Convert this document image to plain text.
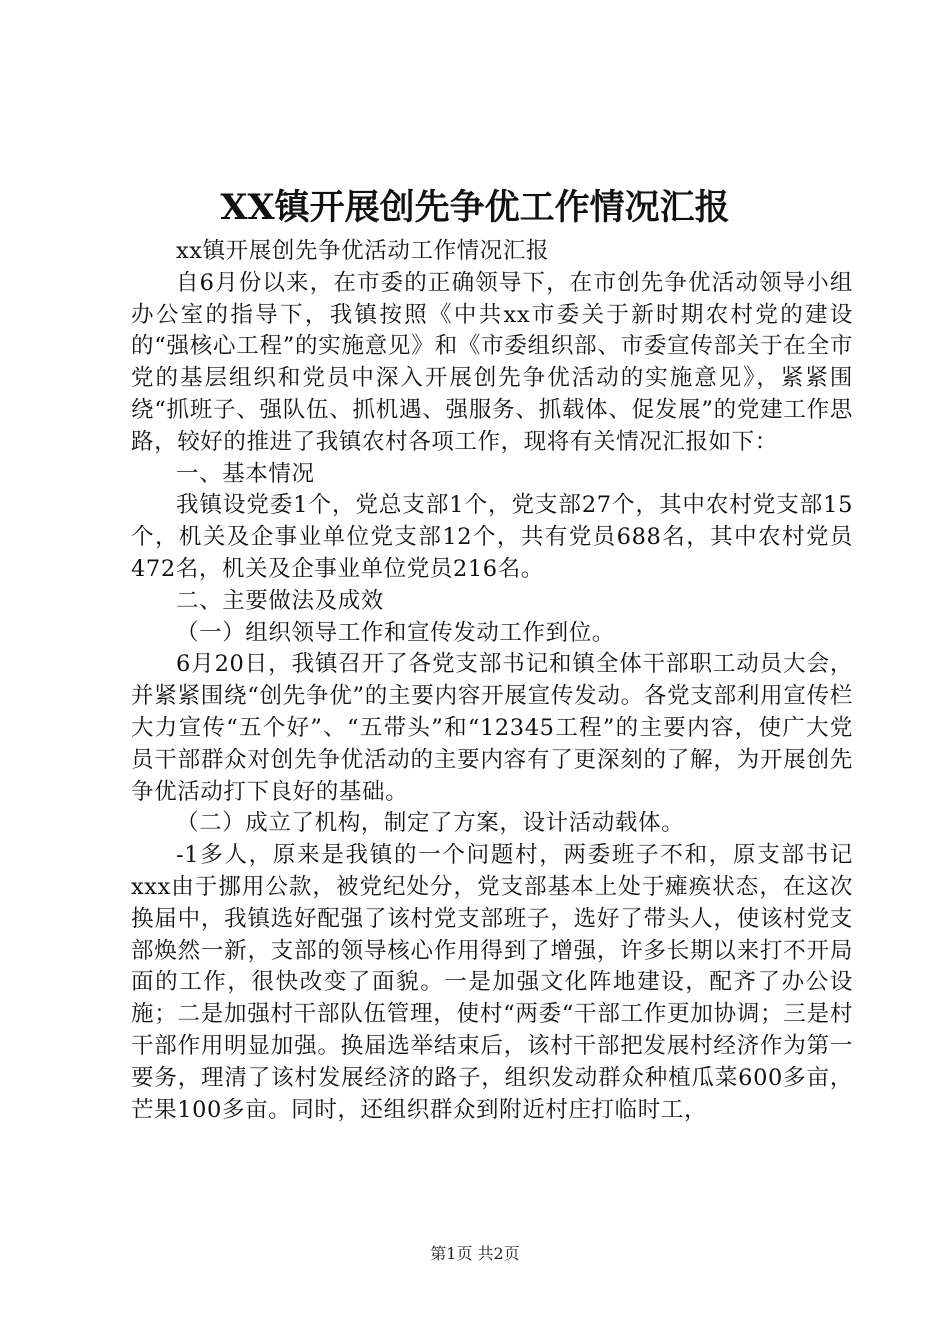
XX镇开展创先争优工作情况汇报

xx镇开展创先争优活动工作情况汇报

自6月份以来，在市委的正确领导下，在市创先争优活动领导小组办公室的指导下，我镇按照《中共xx市委关于新时期农村党的建设的“强核心工程”的实施意见》和《市委组织部、市委宣传部关于在全市党的基层组织和党员中深入开展创先争优活动的实施意见》，紧紧围绕“抓班子、强队伍、抓机遇、强服务、抓载体、促发展”的党建工作思路，较好的推进了我镇农村各项工作，现将有关情况汇报如下：

一、基本情况

我镇设党委1个，党总支部1个，党支部27个，其中农村党支部15个，机关及企事业单位党支部12个，共有党员688名，其中农村党员472名，机关及企事业单位党员216名。

二、主要做法及成效

（一）组织领导工作和宣传发动工作到位。

6月20日，我镇召开了各党支部书记和镇全体干部职工动员大会，并紧紧围绕“创先争优”的主要内容开展宣传发动。各党支部利用宣传栏大力宣传“五个好”、“五带头”和“12345工程”的主要内容，使广大党员干部群众对创先争优活动的主要内容有了更深刻的了解，为开展创先争优活动打下良好的基础。

（二）成立了机构，制定了方案，设计活动载体。

-1多人，原来是我镇的一个问题村，两委班子不和，原支部书记xxx由于挪用公款，被党纪处分，党支部基本上处于瘫痪状态，在这次换届中，我镇选好配强了该村党支部班子，选好了带头人，使该村党支部焕然一新，支部的领导核心作用得到了增强，许多长期以来打不开局面的工作，很快改变了面貌。一是加强文化阵地建设，配齐了办公设施；二是加强村干部队伍管理，使村“两委“干部工作更加协调；三是村干部作用明显加强。换届选举结束后，该村干部把发展村经济作为第一要务，理清了该村发展经济的路子，组织发动群众种植瓜菜600多亩，芒果100多亩。同时，还组织群众到附近村庄打临时工，

第1页 共2页
